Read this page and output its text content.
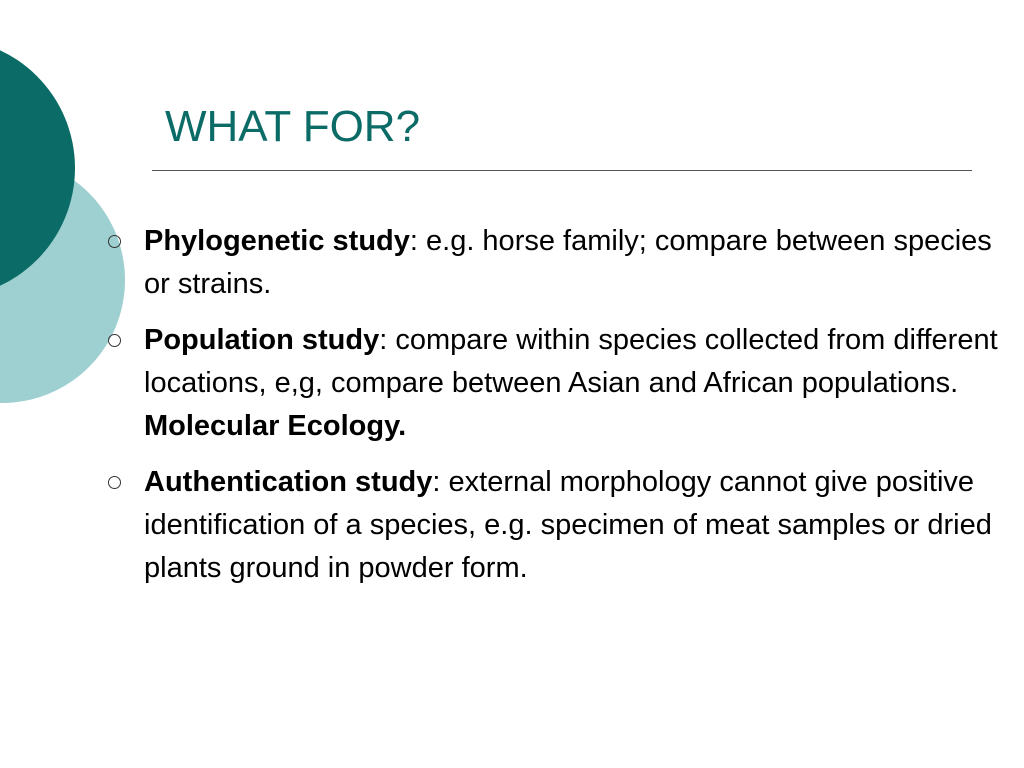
WHAT FOR?
Phylogenetic study: e.g. horse family; compare between species or strains.
Population study: compare within species collected from different locations, e,g, compare between Asian and African populations. Molecular Ecology.
Authentication study: external morphology cannot give positive identification of a species, e.g. specimen of meat samples or dried plants ground in powder form.
